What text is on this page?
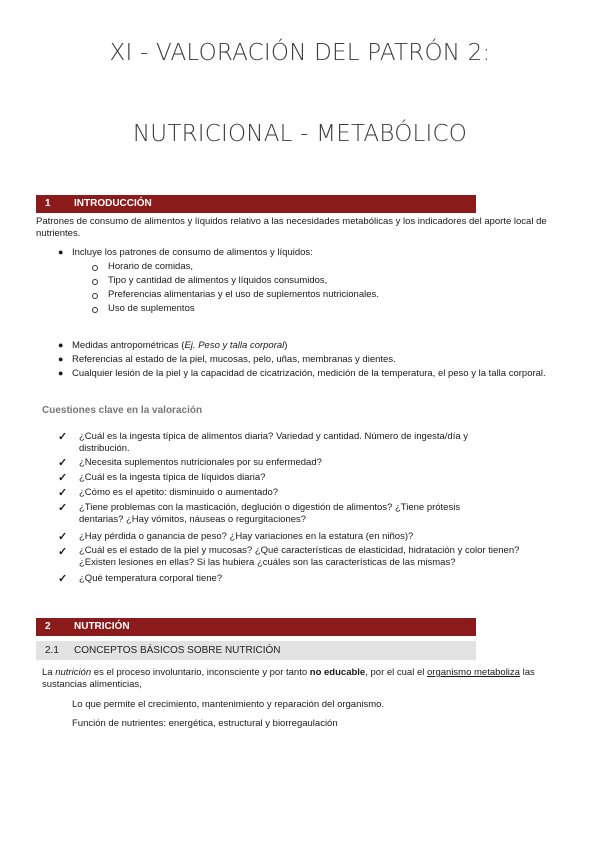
XI - VALORACIÓN DEL PATRÓN 2:
NUTRICIONAL - METABÓLICO
1 INTRODUCCIÓN
Patrones de consumo de alimentos y líquidos relativo a las necesidades metabólicas y los indicadores del aporte local de nutrientes.
● Incluye los patrones de consumo de alimentos y líquidos:
Horario de comidas,
Tipo y cantidad de alimentos y líquidos consumidos,
Preferencias alimentarias y el uso de suplementos nutricionales.
Uso de suplementos
● Medidas antropométricas (Ej. Peso y talla corporal)
● Referencias al estado de la piel, mucosas, pelo, uñas, membranas y dientes.
● Cualquier lesión de la piel y la capacidad de cicatrización, medición de la temperatura, el peso y la talla corporal.
Cuestiones clave en la valoración
✓ ¿Cuál es la ingesta típica de alimentos diaria? Variedad y cantidad. Número de ingesta/día y distribución.
✓ ¿Necesita suplementos nutricionales por su enfermedad?
✓ ¿Cuál es la ingesta típica de líquidos diaria?
✓ ¿Cómo es el apetito: disminuido o aumentado?
✓ ¿Tiene problemas con la masticación, deglución o digestión de alimentos? ¿Tiene prótesis dentarias? ¿Hay vómitos, náuseas o regurgitaciones?
✓ ¿Hay pérdida o ganancia de peso? ¿Hay variaciones en la estatura (en niños)?
✓ ¿Cuál es el estado de la piel y mucosas? ¿Qué características de elasticidad, hidratación y color tienen? ¿Existen lesiones en ellas? Si las hubiera ¿cuáles son las características de las mismas?
✓ ¿Qué temperatura corporal tiene?
2 NUTRICIÓN
2.1 CONCEPTOS BÁSICOS SOBRE NUTRICIÓN
La nutrición es el proceso involuntario, inconsciente y por tanto no educable, por el cual el organismo metaboliza las sustancias alimenticias,
Lo que permite el crecimiento, mantenimiento y reparación del organismo.
Función de nutrientes: energética, estructural y biorregaulación
